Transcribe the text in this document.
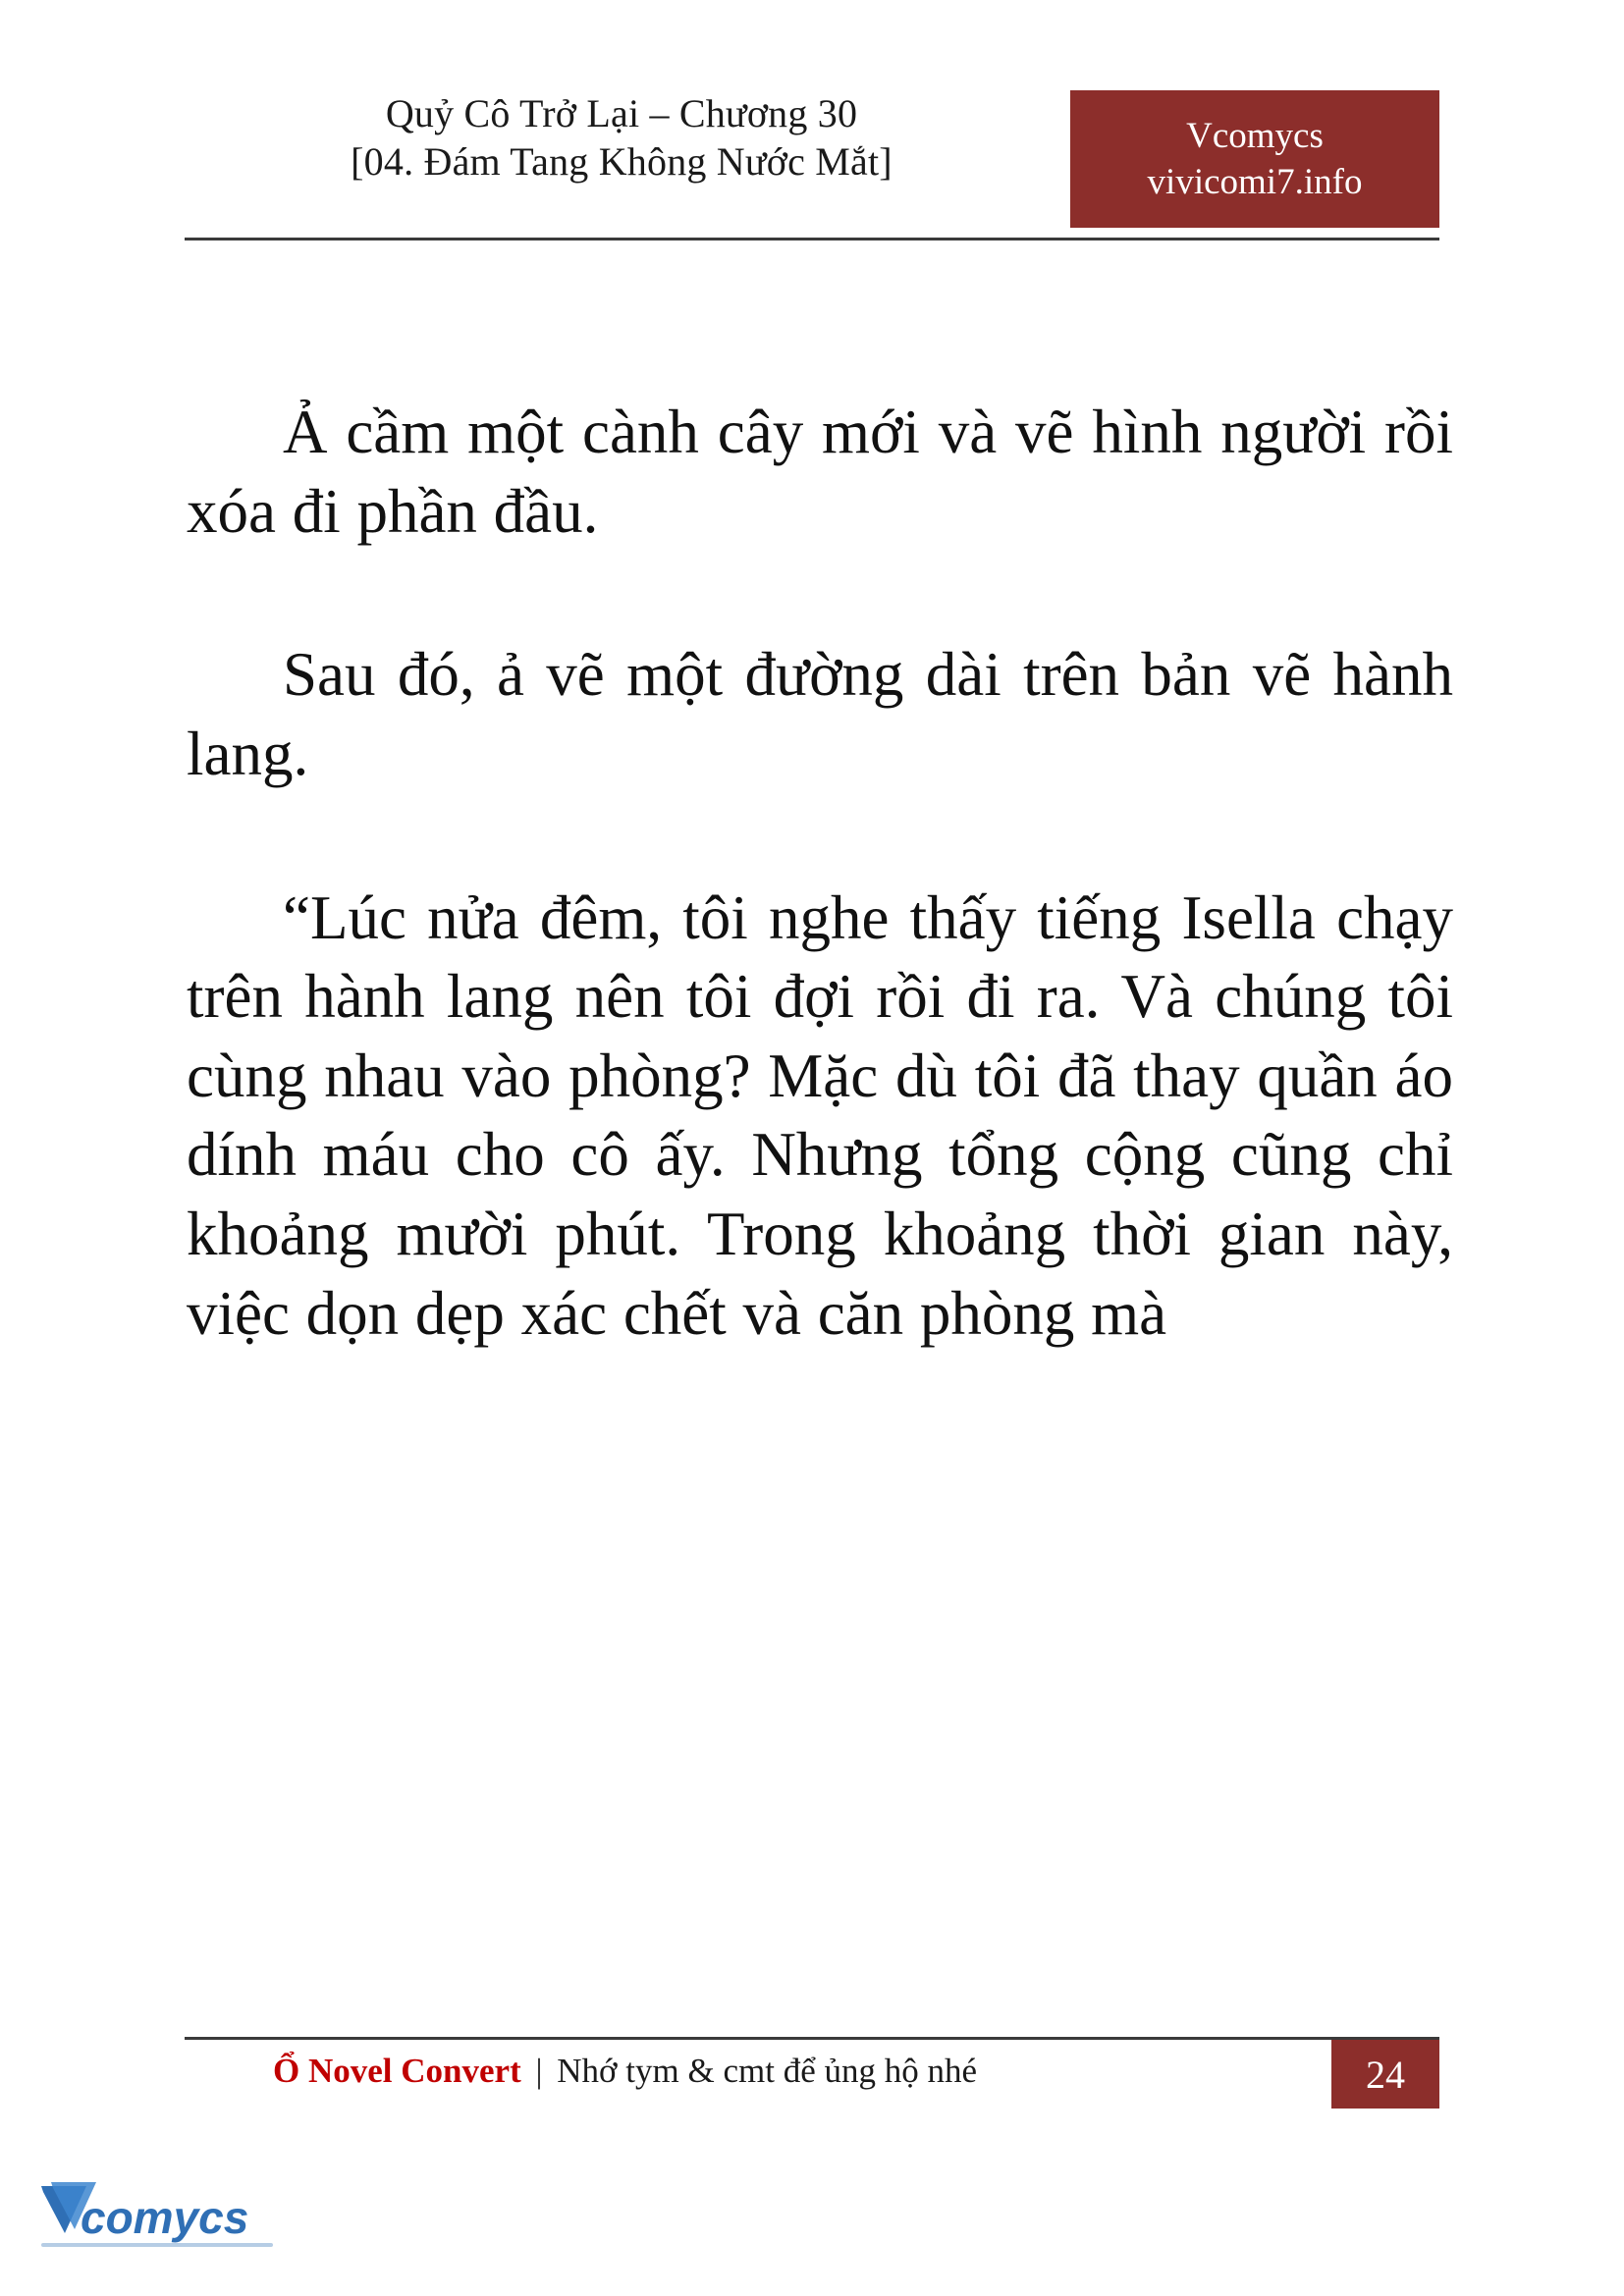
Quỷ Cô Trở Lại – Chương 30
[04. Đám Tang Không Nước Mắt]
Vcomycs
vivicomi7.info

Ả cầm một cành cây mới và vẽ hình người rồi xóa đi phần đầu.

Sau đó, ả vẽ một đường dài trên bản vẽ hành lang.

“Lúc nửa đêm, tôi nghe thấy tiếng Isella chạy trên hành lang nên tôi đợi rồi đi ra. Và chúng tôi cùng nhau vào phòng? Mặc dù tôi đã thay quần áo dính máu cho cô ấy. Nhưng tổng cộng cũng chỉ khoảng mười phút. Trong khoảng thời gian này, việc dọn dẹp xác chết và căn phòng mà

Ổ Novel Convert | Nhớ tym & cmt để ủng hộ nhé	24
comycs
